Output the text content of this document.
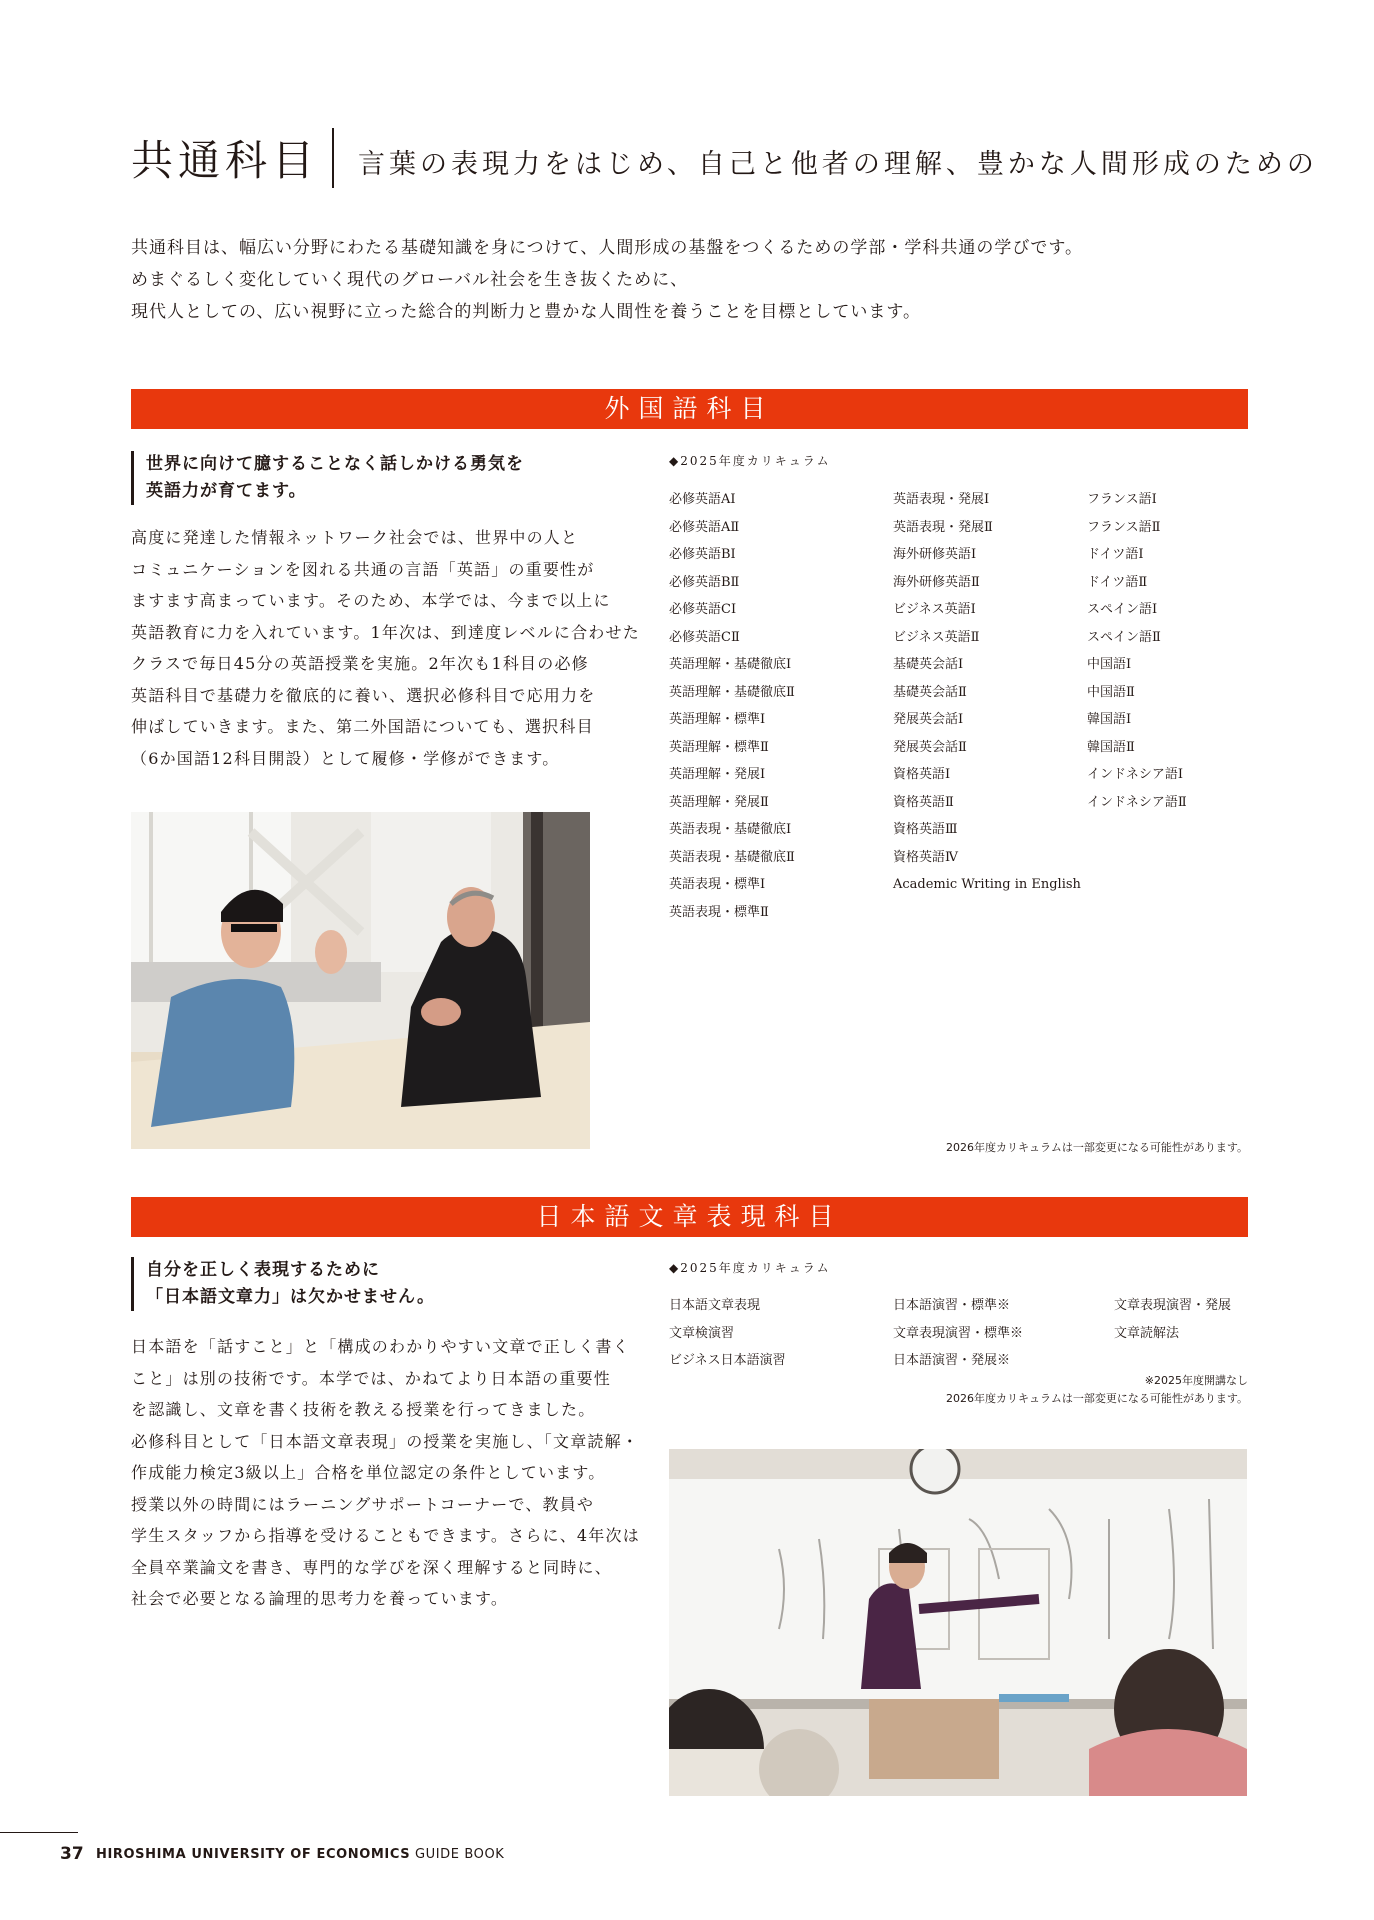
共通科目 言葉の表現力をはじめ、自己と他者の理解、豊かな人間形成のための

共通科目は、幅広い分野にわたる基礎知識を身につけて、人間形成の基盤をつくるための学部・学科共通の学びです。

めまぐるしく変化していく現代のグローバル社会を生き抜くために、

現代人としての、広い視野に立った総合的判断力と豊かな人間性を養うことを目標としています。

外国語科目
世界に向けて臆することなく話しかける勇気を
英語力が育てます。
高度に発達した情報ネットワーク社会では、世界中の人と
コミュニケーションを図れる共通の言語「英語」の重要性が
ますます高まっています。そのため、本学では、今まで以上に
英語教育に力を入れています。1年次は、到達度レベルに合わせた
クラスで毎日45分の英語授業を実施。2年次も1科目の必修
英語科目で基礎力を徹底的に養い、選択必修科目で応用力を
伸ばしていきます。また、第二外国語についても、選択科目
（6か国語12科目開設）として履修・学修ができます。
◆2025年度カリキュラム
必修英語AⅠ
必修英語AⅡ
必修英語BⅠ
必修英語BⅡ
必修英語CⅠ
必修英語CⅡ
英語理解・基礎徹底Ⅰ
英語理解・基礎徹底Ⅱ
英語理解・標準Ⅰ
英語理解・標準Ⅱ
英語理解・発展Ⅰ
英語理解・発展Ⅱ
英語表現・基礎徹底Ⅰ
英語表現・基礎徹底Ⅱ
英語表現・標準Ⅰ
英語表現・標準Ⅱ
英語表現・発展Ⅰ
英語表現・発展Ⅱ
海外研修英語Ⅰ
海外研修英語Ⅱ
ビジネス英語Ⅰ
ビジネス英語Ⅱ
基礎英会話Ⅰ
基礎英会話Ⅱ
発展英会話Ⅰ
発展英会話Ⅱ
資格英語Ⅰ
資格英語Ⅱ
資格英語Ⅲ
資格英語Ⅳ
Academic Writing in English
フランス語Ⅰ
フランス語Ⅱ
ドイツ語Ⅰ
ドイツ語Ⅱ
スペイン語Ⅰ
スペイン語Ⅱ
中国語Ⅰ
中国語Ⅱ
韓国語Ⅰ
韓国語Ⅱ
インドネシア語Ⅰ
インドネシア語Ⅱ
2026年度カリキュラムは一部変更になる可能性があります。
日本語文章表現科目
自分を正しく表現するために
「日本語文章力」は欠かせません。
日本語を「話すこと」と「構成のわかりやすい文章で正しく書く
こと」は別の技術です。本学では、かねてより日本語の重要性
を認識し、文章を書く技術を教える授業を行ってきました。
必修科目として「日本語文章表現」の授業を実施し、「文章読解・
作成能力検定3級以上」合格を単位認定の条件としています。
授業以外の時間にはラーニングサポートコーナーで、教員や
学生スタッフから指導を受けることもできます。さらに、4年次は
全員卒業論文を書き、専門的な学びを深く理解すると同時に、
社会で必要となる論理的思考力を養っています。
◆2025年度カリキュラム
日本語文章表現
文章検演習
ビジネス日本語演習
日本語演習・標準※
文章表現演習・標準※
日本語演習・発展※
文章表現演習・発展
文章読解法
※2025年度開講なし
2026年度カリキュラムは一部変更になる可能性があります。
37 HIROSHIMA UNIVERSITY OF ECONOMICS GUIDE BOOK
